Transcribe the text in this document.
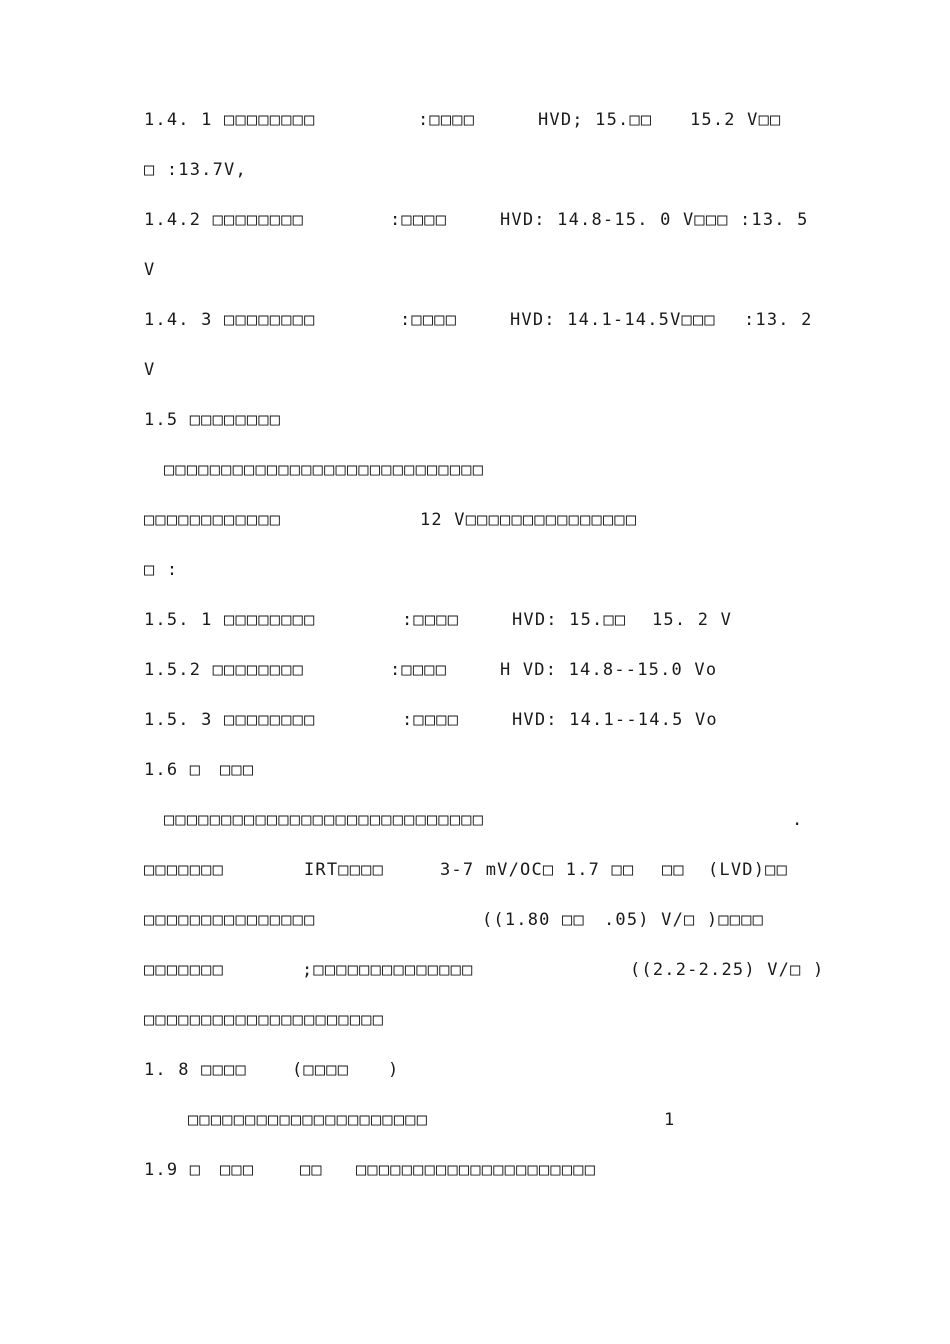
1.4. 1 □□□□□□□□	:□□□□	HVD; 15.□□ 15.2 V□□
□ :13.7V,
1.4.2 □□□□□□□□	:□□□□	HVD: 14.8-15. 0 V□□□ :13. 5
V
1.4. 3 □□□□□□□□	:□□□□	HVD: 14.1-14.5V□□□ :13. 2
V
1.5 □□□□□□□□
□□□□□□□□□□□□□□□□□□□□□□□□□□□□
□□□□□□□□□□□□	12 V□□□□□□□□□□□□□□□
□ :
1.5. 1 □□□□□□□□	:□□□□	HVD: 15.□□ 15. 2 V
1.5.2 □□□□□□□□	:□□□□	H VD: 14.8--15.0 Vo
1.5. 3 □□□□□□□□	:□□□□	HVD: 14.1--14.5 Vo
1.6 □ □□□
□□□□□□□□□□□□□□□□□□□□□□□□□□□□	.
□□□□□□□	IRT□□□□	3-7 mV/OC□ 1.7 □□ □□ (LVD)□□
□□□□□□□□□□□□□□□	((1.80 □□ .05) V/□ )□□□□
□□□□□□□	;□□□□□□□□□□□□□□	((2.2-2.25) V/□ )
□□□□□□□□□□□□□□□□□□□□□
1. 8 □□□□	(□□□□ )
□□□□□□□□□□□□□□□□□□□□□	1
1.9 □ □□□	□□ □□□□□□□□□□□□□□□□□□□□□
